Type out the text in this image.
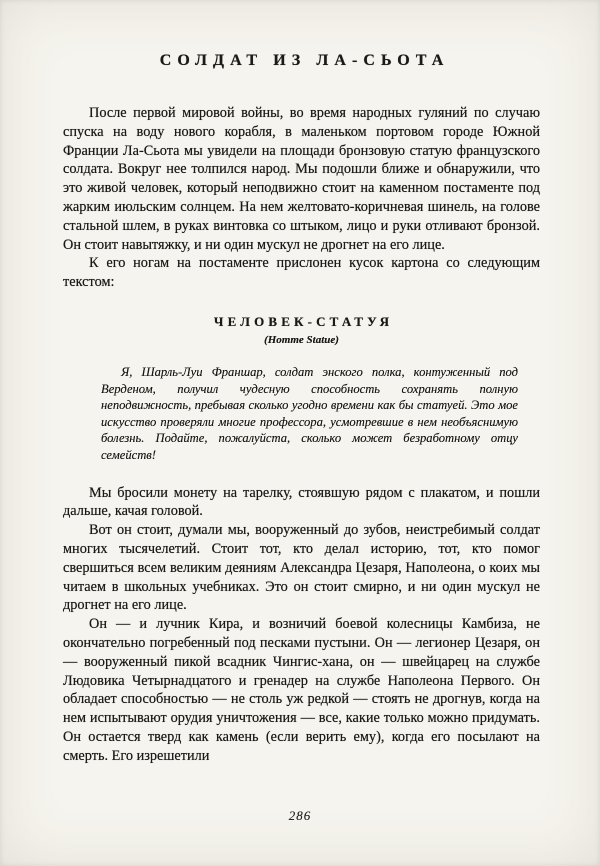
СОЛДАТ ИЗ ЛА-СЬОТА

После первой мировой войны, во время народных гуляний по случаю спуска на воду нового корабля, в маленьком портовом городе Южной Франции Ла-Сьота мы увидели на площади бронзовую статую французского солдата. Вокруг нее толпился народ. Мы подошли ближе и обнаружили, что это живой человек, который неподвижно стоит на каменном постаменте под жарким июльским солнцем. На нем желтовато-коричневая шинель, на голове стальной шлем, в руках винтовка со штыком, лицо и руки отливают бронзой. Он стоит навытяжку, и ни один мускул не дрогнет на его лице.

К его ногам на постаменте прислонен кусок картона со следующим текстом:

ЧЕЛОВЕК-СТАТУЯ
(Homme Statue)

Я, Шарль-Луи Франшар, солдат энского полка, контуженный под Верденом, получил чудесную способность сохранять полную неподвижность, пребывая сколько угодно времени как бы статуей. Это мое искусство проверяли многие профессора, усмотревшие в нем необъяснимую болезнь. Подайте, пожалуйста, сколько может безработному отцу семейств!

Мы бросили монету на тарелку, стоявшую рядом с плакатом, и пошли дальше, качая головой.

Вот он стоит, думали мы, вооруженный до зубов, неистребимый солдат многих тысячелетий. Стоит тот, кто делал историю, тот, кто помог свершиться всем великим деяниям Александра Цезаря, Наполеона, о коих мы читаем в школьных учебниках. Это он стоит смирно, и ни один мускул не дрогнет на его лице.

Он — и лучник Кира, и возничий боевой колесницы Камбиза, не окончательно погребенный под песками пустыни. Он — легионер Цезаря, он — вооруженный пикой всадник Чингис-хана, он — швейцарец на службе Людовика Четырнадцатого и гренадер на службе Наполеона Первого. Он обладает способностью — не столь уж редкой — стоять не дрогнув, когда на нем испытывают орудия уничтожения — все, какие только можно придумать. Он остается тверд как камень (если верить ему), когда его посылают на смерть. Его изрешетили

286
